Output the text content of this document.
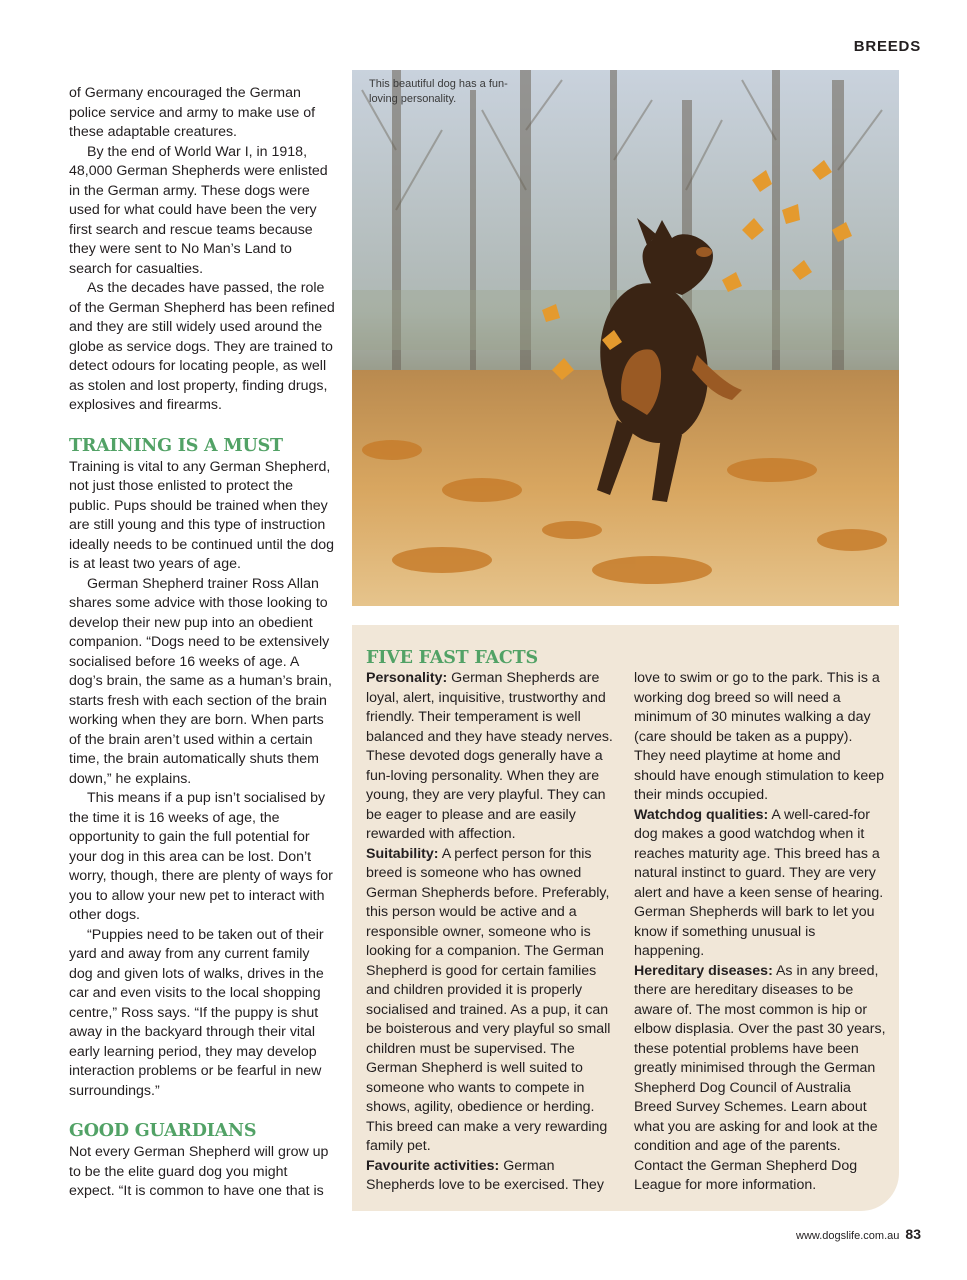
BREEDS

of Germany encouraged the German police service and army to make use of these adaptable creatures.

By the end of World War I, in 1918, 48,000 German Shepherds were enlisted in the German army. These dogs were used for what could have been the very first search and rescue teams because they were sent to No Man’s Land to search for casualties.

As the decades have passed, the role of the German Shepherd has been refined and they are still widely used around the globe as service dogs. They are trained to detect odours for locating people, as well as stolen and lost property, finding drugs, explosives and firearms.

TRAINING IS A MUST

Training is vital to any German Shepherd, not just those enlisted to protect the public. Pups should be trained when they are still young and this type of instruction ideally needs to be continued until the dog is at least two years of age.

German Shepherd trainer Ross Allan shares some advice with those looking to develop their new pup into an obedient companion. “Dogs need to be extensively socialised before 16 weeks of age. A dog’s brain, the same as a human’s brain, starts fresh with each section of the brain working when they are born. When parts of the brain aren’t used within a certain time, the brain automatically shuts them down,” he explains.

This means if a pup isn’t socialised by the time it is 16 weeks of age, the opportunity to gain the full potential for your dog in this area can be lost. Don’t worry, though, there are plenty of ways for you to allow your new pet to interact with other dogs.

“Puppies need to be taken out of their yard and away from any current family dog and given lots of walks, drives in the car and even visits to the local shopping centre,” Ross says. “If the puppy is shut away in the backyard through their vital early learning period, they may develop interaction problems or be fearful in new surroundings.”

GOOD GUARDIANS

Not every German Shepherd will grow up to be the elite guard dog you might expect. “It is common to have one that is

This beautiful dog has a fun-loving personality.
FIVE FAST FACTS

Personality: German Shepherds are loyal, alert, inquisitive, trustworthy and friendly. Their temperament is well balanced and they have steady nerves. These devoted dogs generally have a fun-loving personality. When they are young, they are very playful. They can be eager to please and are easily rewarded with affection.

Suitability: A perfect person for this breed is someone who has owned German Shepherds before. Preferably, this person would be active and a responsible owner, someone who is looking for a companion. The German Shepherd is good for certain families and children provided it is properly socialised and trained. As a pup, it can be boisterous and very playful so small children must be supervised. The German Shepherd is well suited to someone who wants to compete in shows, agility, obedience or herding. This breed can make a very rewarding family pet.

Favourite activities: German Shepherds love to be exercised. They

love to swim or go to the park. This is a working dog breed so will need a minimum of 30 minutes walking a day (care should be taken as a puppy). They need playtime at home and should have enough stimulation to keep their minds occupied.

Watchdog qualities: A well-cared-for dog makes a good watchdog when it reaches maturity age. This breed has a natural instinct to guard. They are very alert and have a keen sense of hearing. German Shepherds will bark to let you know if something unusual is happening.

Hereditary diseases: As in any breed, there are hereditary diseases to be aware of. The most common is hip or elbow displasia. Over the past 30 years, these potential problems have been greatly minimised through the German Shepherd Dog Council of Australia Breed Survey Schemes. Learn about what you are asking for and look at the condition and age of the parents. Contact the German Shepherd Dog League for more information.

www.dogslife.com.au 83
